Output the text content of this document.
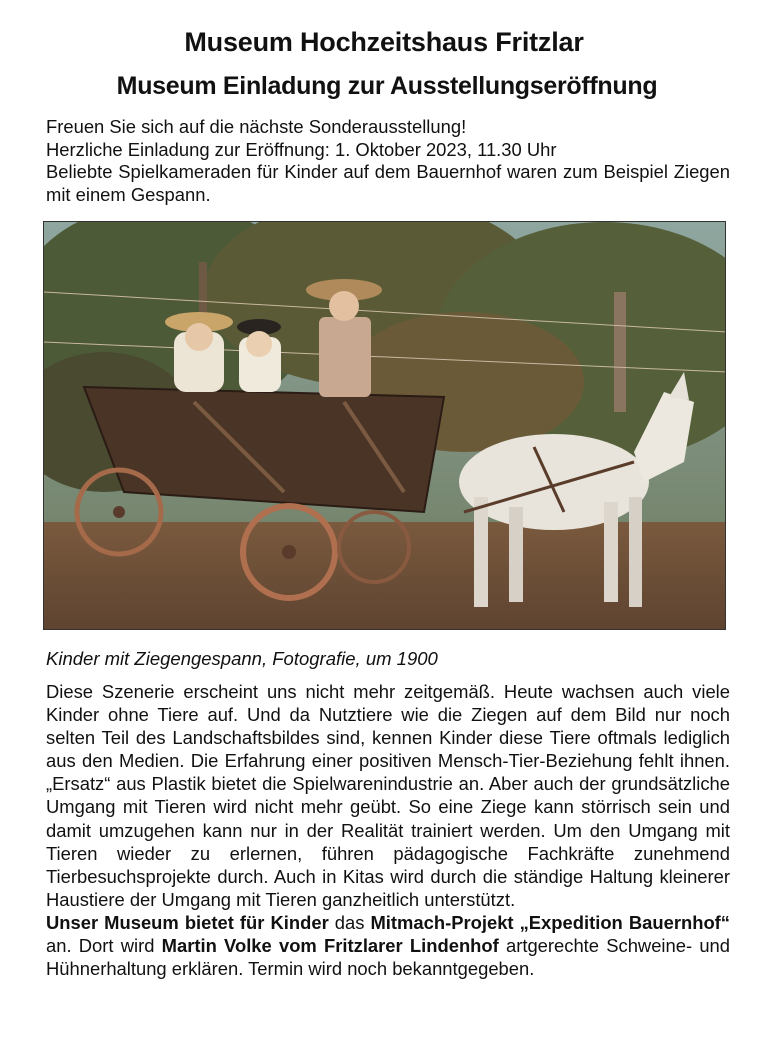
Museum Hochzeitshaus Fritzlar
Museum Einladung zur Ausstellungseröffnung
Freuen Sie sich auf die nächste Sonderausstellung!
Herzliche Einladung zur Eröffnung: 1. Oktober 2023, 11.30 Uhr
Beliebte Spielkameraden für Kinder auf dem Bauernhof waren zum Beispiel Ziegen mit einem Gespann.
Kinder mit Ziegengespann, Fotografie, um 1900

Diese Szenerie erscheint uns nicht mehr zeitgemäß. Heute wachsen auch viele Kinder ohne Tiere auf. Und da Nutztiere wie die Ziegen auf dem Bild nur noch selten Teil des Landschaftsbildes sind, kennen Kinder diese Tiere oftmals lediglich aus den Medien. Die Erfahrung einer positiven Mensch-Tier-Beziehung fehlt ihnen. „Ersatz“ aus Plastik bietet die Spielwarenindustrie an. Aber auch der grundsätzliche Umgang mit Tieren wird nicht mehr geübt. So eine Ziege kann störrisch sein und damit umzugehen kann nur in der Realität trainiert werden. Um den Umgang mit Tieren wieder zu erlernen, führen pädagogische Fachkräfte zunehmend Tierbesuchsprojekte durch. Auch in Kitas wird durch die ständige Haltung kleinerer Haustiere der Umgang mit Tieren ganzheitlich unterstützt.

Unser Museum bietet für Kinder das Mitmach-Projekt „Expedition Bauernhof“ an. Dort wird Martin Volke vom Fritzlarer Lindenhof artgerechte Schweine- und Hühnerhaltung erklären. Termin wird noch bekanntgegeben.
